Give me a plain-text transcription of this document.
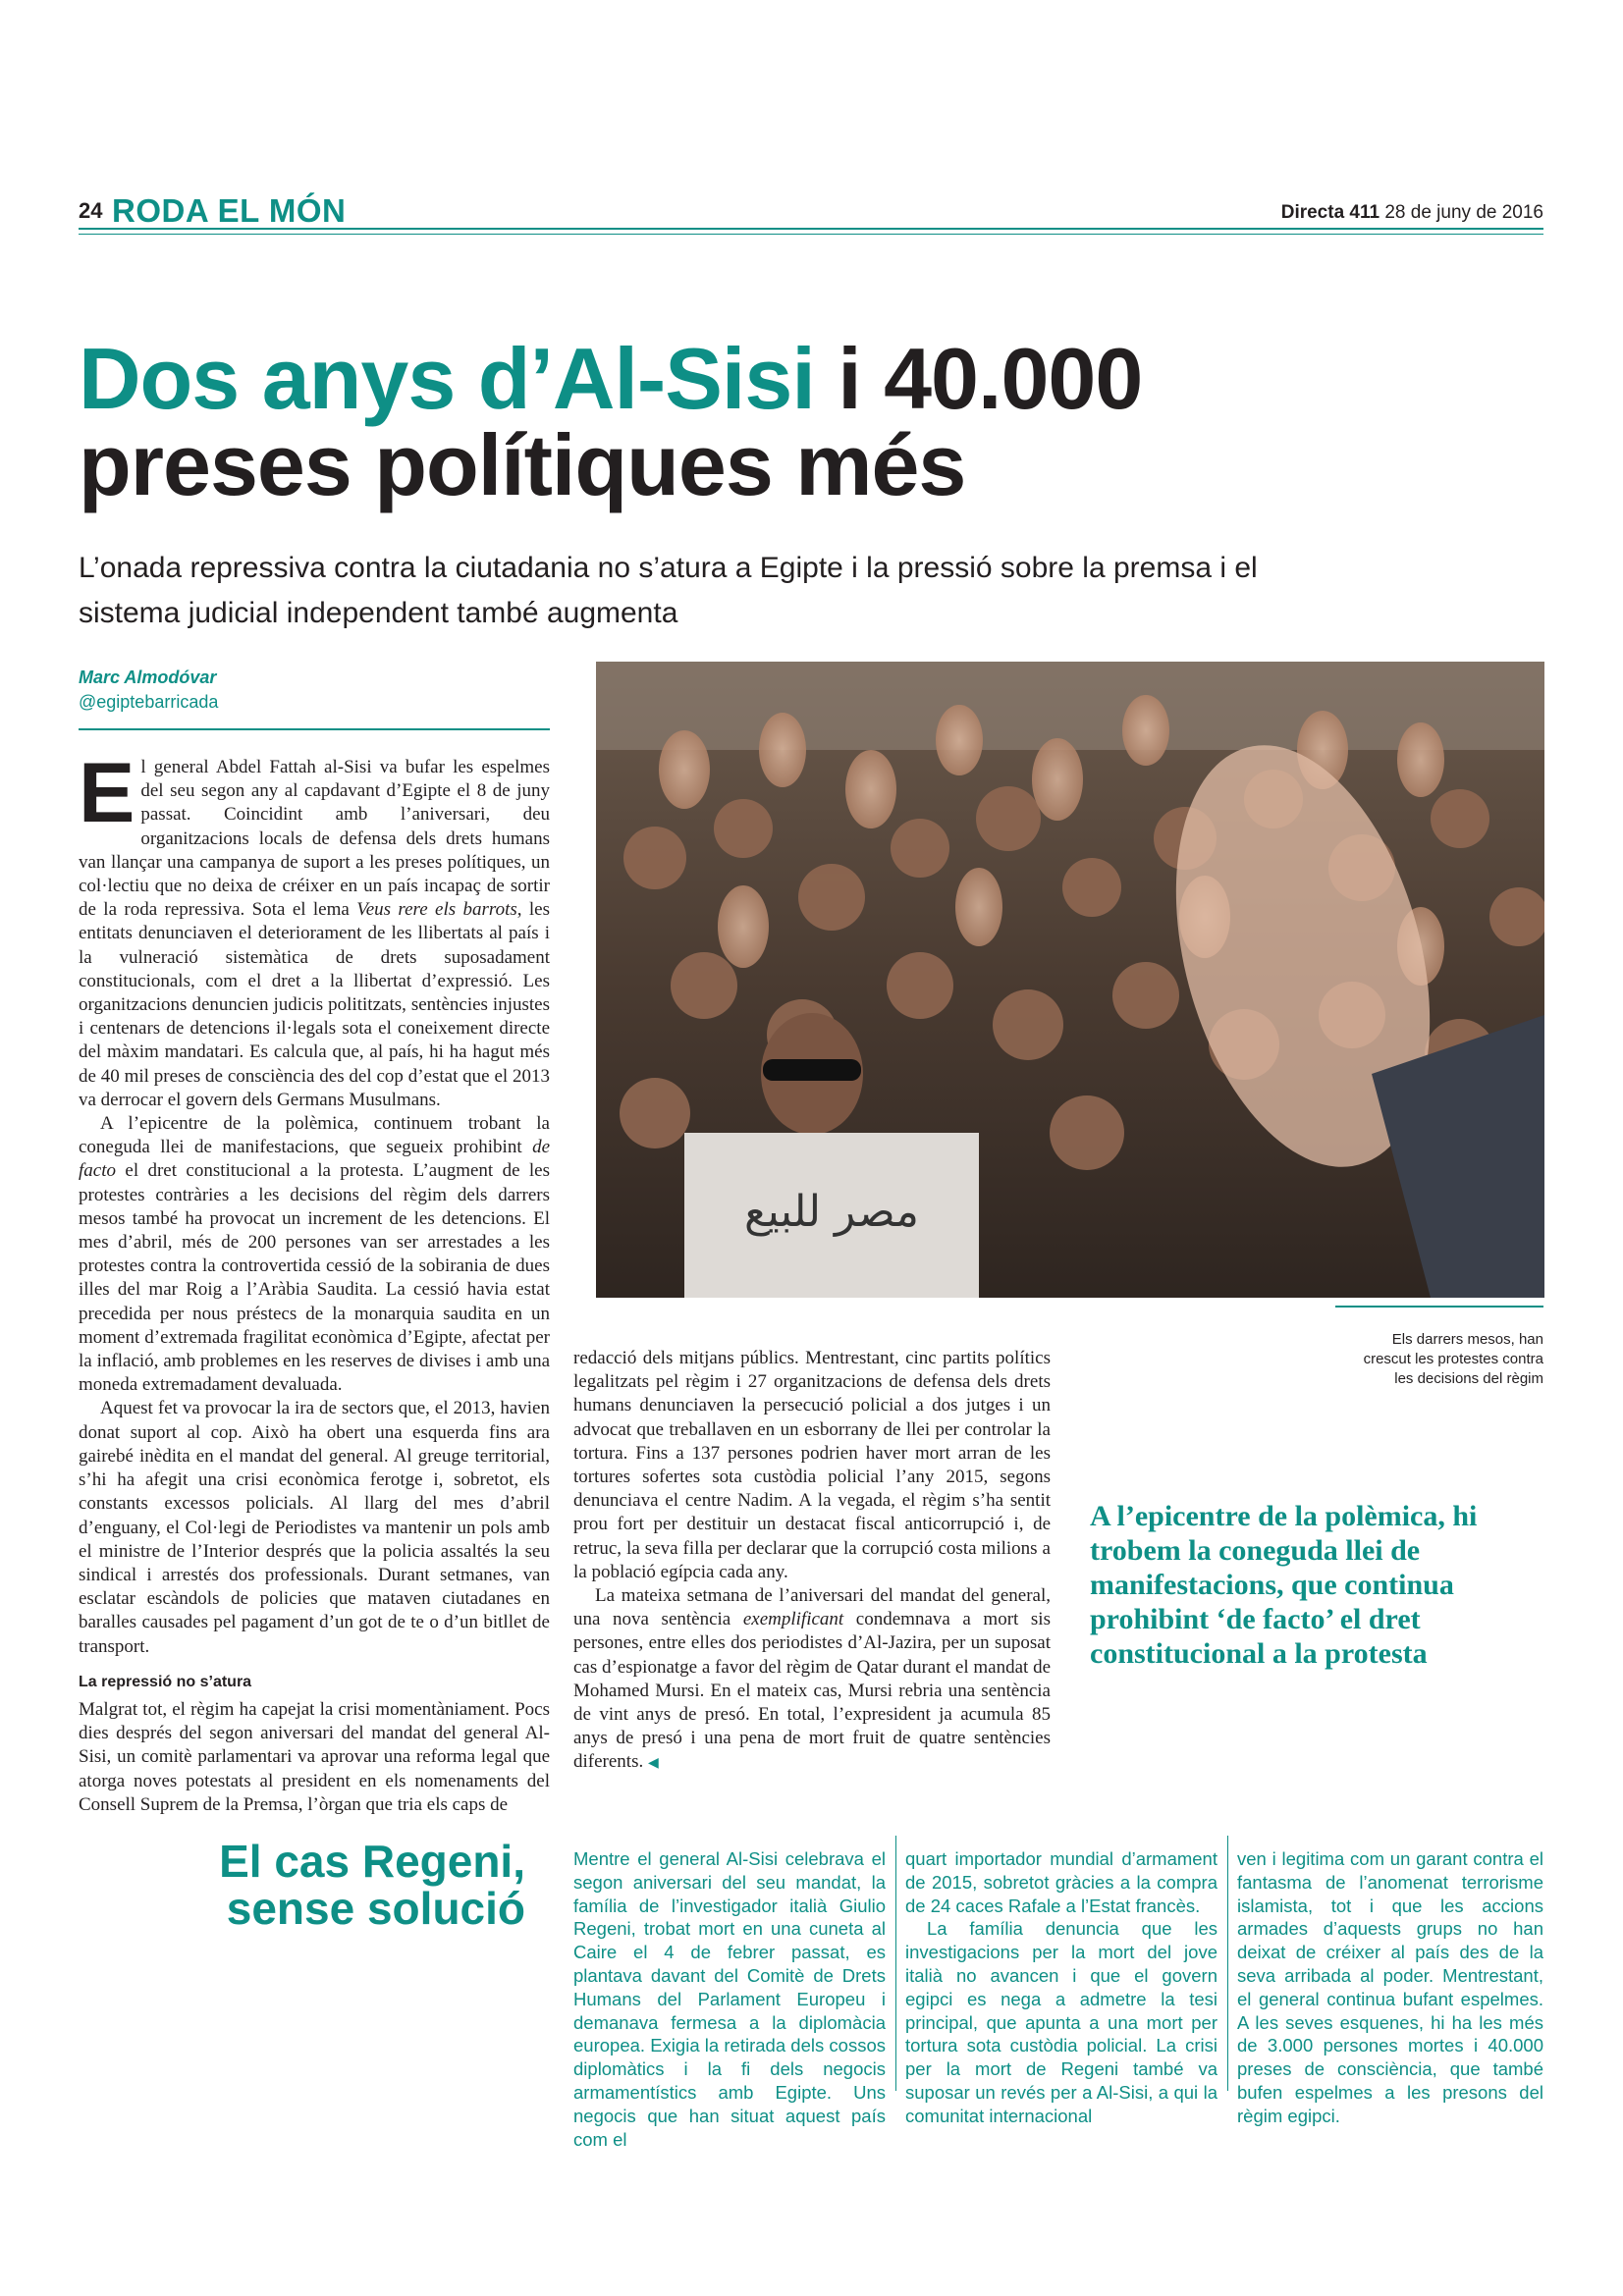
24 RODA EL MÓN	Directa 411 28 de juny de 2016
Dos anys d’Al-Sisi i 40.000
preses polítiques més

L’onada repressiva contra la ciutadania no s’atura a Egipte i la pressió sobre la premsa i el sistema judicial independent també augmenta

Marc Almodóvar
@egiptebarricada

El general Abdel Fattah al-Sisi va bufar les espelmes del seu segon any al capdavant d’Egipte el 8 de juny passat. Coincidint amb l’aniversari, deu organitzacions locals de defensa dels drets humans van llançar una campanya de suport a les preses polítiques, un col·lectiu que no deixa de créixer en un país incapaç de sortir de la roda repressiva. Sota el lema Veus rere els barrots, les entitats denunciaven el deteriorament de les llibertats al país i la vulneració sistemàtica de drets suposadament constitucionals, com el dret a la llibertat d’expressió. Les organitzacions denuncien judicis polititzats, sentències injustes i centenars de detencions il·legals sota el coneixement directe del màxim mandatari. Es calcula que, al país, hi ha hagut més de 40 mil preses de consciència des del cop d’estat que el 2013 va derrocar el govern dels Germans Musulmans.

A l’epicentre de la polèmica, continuem trobant la coneguda llei de manifestacions, que segueix prohibint de facto el dret constitucional a la protesta. L’augment de les protestes contràries a les decisions del règim dels darrers mesos també ha provocat un increment de les detencions. El mes d’abril, més de 200 persones van ser arrestades a les protestes contra la controvertida cessió de la sobirania de dues illes del mar Roig a l’Aràbia Saudita. La cessió havia estat precedida per nous préstecs de la monarquia saudita en un moment d’extremada fragilitat econòmica d’Egipte, afectat per la inflació, amb problemes en les reserves de divises i amb una moneda extremadament devaluada.

Aquest fet va provocar la ira de sectors que, el 2013, havien donat suport al cop. Això ha obert una esquerda fins ara gairebé inèdita en el mandat del general. Al greuge territorial, s’hi ha afegit una crisi econòmica ferotge i, sobretot, els constants excessos policials. Al llarg del mes d’abril d’enguany, el Col·legi de Periodistes va mantenir un pols amb el ministre de l’Interior després que la policia assaltés la seu sindical i arrestés dos professionals. Durant setmanes, van esclatar escàndols de policies que mataven ciutadanes en baralles causades pel pagament d’un got de te o d’un bitllet de transport.

La repressió no s’atura

Malgrat tot, el règim ha capejat la crisi momentàniament. Pocs dies després del segon aniversari del mandat del general Al-Sisi, un comitè parlamentari va aprovar una reforma legal que atorga noves potestats al president en els nomenaments del Consell Suprem de la Premsa, l’òrgan que tria els caps de

مصر للبيع
Els darrers mesos, han crescut les protestes contra les decisions del règim

redacció dels mitjans públics. Mentrestant, cinc partits polítics legalitzats pel règim i 27 organitzacions de defensa dels drets humans denunciaven la persecució policial a dos jutges i un advocat que treballaven en un esborrany de llei per controlar la tortura. Fins a 137 persones podrien haver mort arran de les tortures sofertes sota custòdia policial l’any 2015, segons denunciava el centre Nadim. A la vegada, el règim s’ha sentit prou fort per destituir un destacat fiscal anticorrupció i, de retruc, la seva filla per declarar que la corrupció costa milions a la població egípcia cada any.

La mateixa setmana de l’aniversari del mandat del general, una nova sentència exemplificant condemnava a mort sis persones, entre elles dos periodistes d’Al-Jazira, per un suposat cas d’espionatge a favor del règim de Qatar durant el mandat de Mohamed Mursi. En el mateix cas, Mursi rebria una sentència de vint anys de presó. En total, l’expresident ja acumula 85 anys de presó i una pena de mort fruit de quatre sentències diferents. ◀

A l’epicentre de la polèmica, hi trobem la coneguda llei de manifestacions, que continua prohibint ‘de facto’ el dret constitucional a la protesta

El cas Regeni, sense solució

Mentre el general Al-Sisi celebrava el segon aniversari del seu mandat, la família de l’investigador italià Giulio Regeni, trobat mort en una cuneta al Caire el 4 de febrer passat, es plantava davant del Comitè de Drets Humans del Parlament Europeu i demanava fermesa a la diplomàcia europea. Exigia la retirada dels cossos diplomàtics i la fi dels negocis armamentístics amb Egipte. Uns negocis que han situat aquest país com el

quart importador mundial d’armament de 2015, sobretot gràcies a la compra de 24 caces Rafale a l’Estat francès.

La família denuncia que les investigacions per la mort del jove italià no avancen i que el govern egipci es nega a admetre la tesi principal, que apunta a una mort per tortura sota custòdia policial. La crisi per la mort de Regeni també va suposar un revés per a Al-Sisi, a qui la comunitat internacional

ven i legitima com un garant contra el fantasma de l’anomenat terrorisme islamista, tot i que les accions armades d’aquests grups no han deixat de créixer al país des de la seva arribada al poder. Mentrestant, el general continua bufant espelmes. A les seves esquenes, hi ha les més de 3.000 persones mortes i 40.000 preses de consciència, que també bufen espelmes a les presons del règim egipci.
